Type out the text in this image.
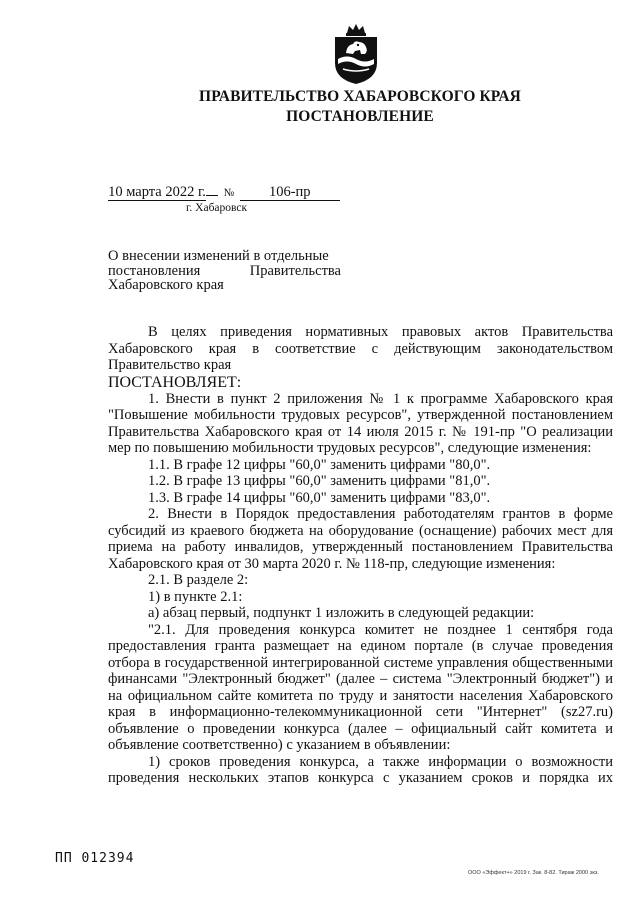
ПРАВИТЕЛЬСТВО ХАБАРОВСКОГО КРАЯ
ПОСТАНОВЛЕНИЕ
10 марта 2022 г. № 106-пр
г. Хабаровск
О внесении изменений в отдельные
постановления	Правительства
Хабаровского края

В целях приведения нормативных правовых актов Правительства Хабаровского края в соответствие с действующим законодательством Правительство края

ПОСТАНОВЛЯЕТ:

1. Внести в пункт 2 приложения № 1 к программе Хабаровского края "Повышение мобильности трудовых ресурсов", утвержденной постановлением Правительства Хабаровского края от 14 июля 2015 г. № 191-пр "О реализации мер по повышению мобильности трудовых ресурсов", следующие изменения:

1.1. В графе 12 цифры "60,0" заменить цифрами "80,0".

1.2. В графе 13 цифры "60,0" заменить цифрами "81,0".

1.3. В графе 14 цифры "60,0" заменить цифрами "83,0".

2. Внести в Порядок предоставления работодателям грантов в форме субсидий из краевого бюджета на оборудование (оснащение) рабочих мест для приема на работу инвалидов, утвержденный постановлением Правительства Хабаровского края от 30 марта 2020 г. № 118-пр, следующие изменения:

2.1. В разделе 2:

1) в пункте 2.1:

а) абзац первый, подпункт 1 изложить в следующей редакции:

"2.1. Для проведения конкурса комитет не позднее 1 сентября года предоставления гранта размещает на едином портале (в случае проведения отбора в государственной интегрированной системе управления общественными финансами "Электронный бюджет" (далее – система "Электронный бюджет") и на официальном сайте комитета по труду и занятости населения Хабаровского края в информационно-телекоммуникационной сети "Интернет" (sz27.ru) объявление о проведении конкурса (далее – официальный сайт комитета и объявление соответственно) с указанием в объявлении:

1) сроков проведения конкурса, а также информации о возможности проведения нескольких этапов конкурса с указанием сроков и порядка их

ПП 012394
ООО «Эффект+» 2019 г. Зак. 8-82. Тираж 2000 экз.
